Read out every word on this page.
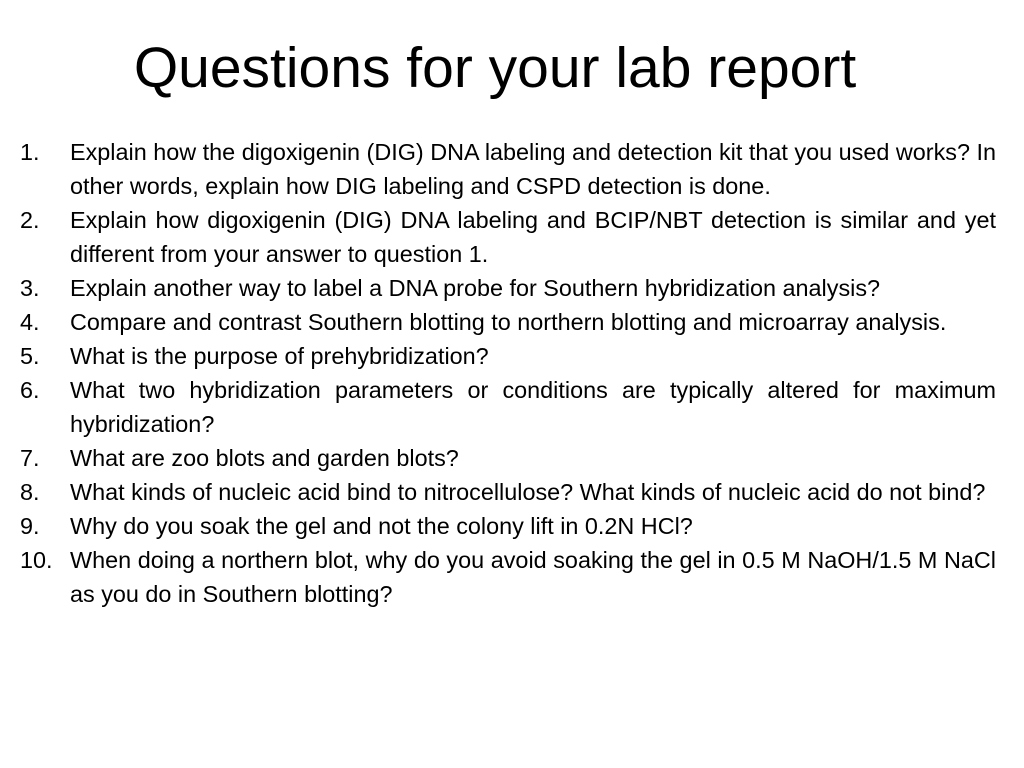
Questions for your lab report
1.	Explain how the digoxigenin (DIG) DNA labeling and detection kit that you used works? In other words, explain how DIG labeling and CSPD detection is done.
2.	Explain how digoxigenin (DIG) DNA labeling and BCIP/NBT detection is similar and yet different from your answer to question 1.
3.	Explain another way to label a DNA probe for Southern hybridization analysis?
4.	Compare and contrast Southern blotting to northern blotting and microarray analysis.
5.	What is the purpose of prehybridization?
6.	What two hybridization parameters or conditions are typically altered for maximum hybridization?
7.	What are zoo blots and garden blots?
8.	What kinds of nucleic acid bind to nitrocellulose? What kinds of nucleic acid do not bind?
9.	Why do you soak the gel and not the colony lift in 0.2N HCl?
10. When doing a northern blot, why do you avoid soaking the gel in 0.5 M NaOH/1.5 M NaCl as you do in Southern blotting?
